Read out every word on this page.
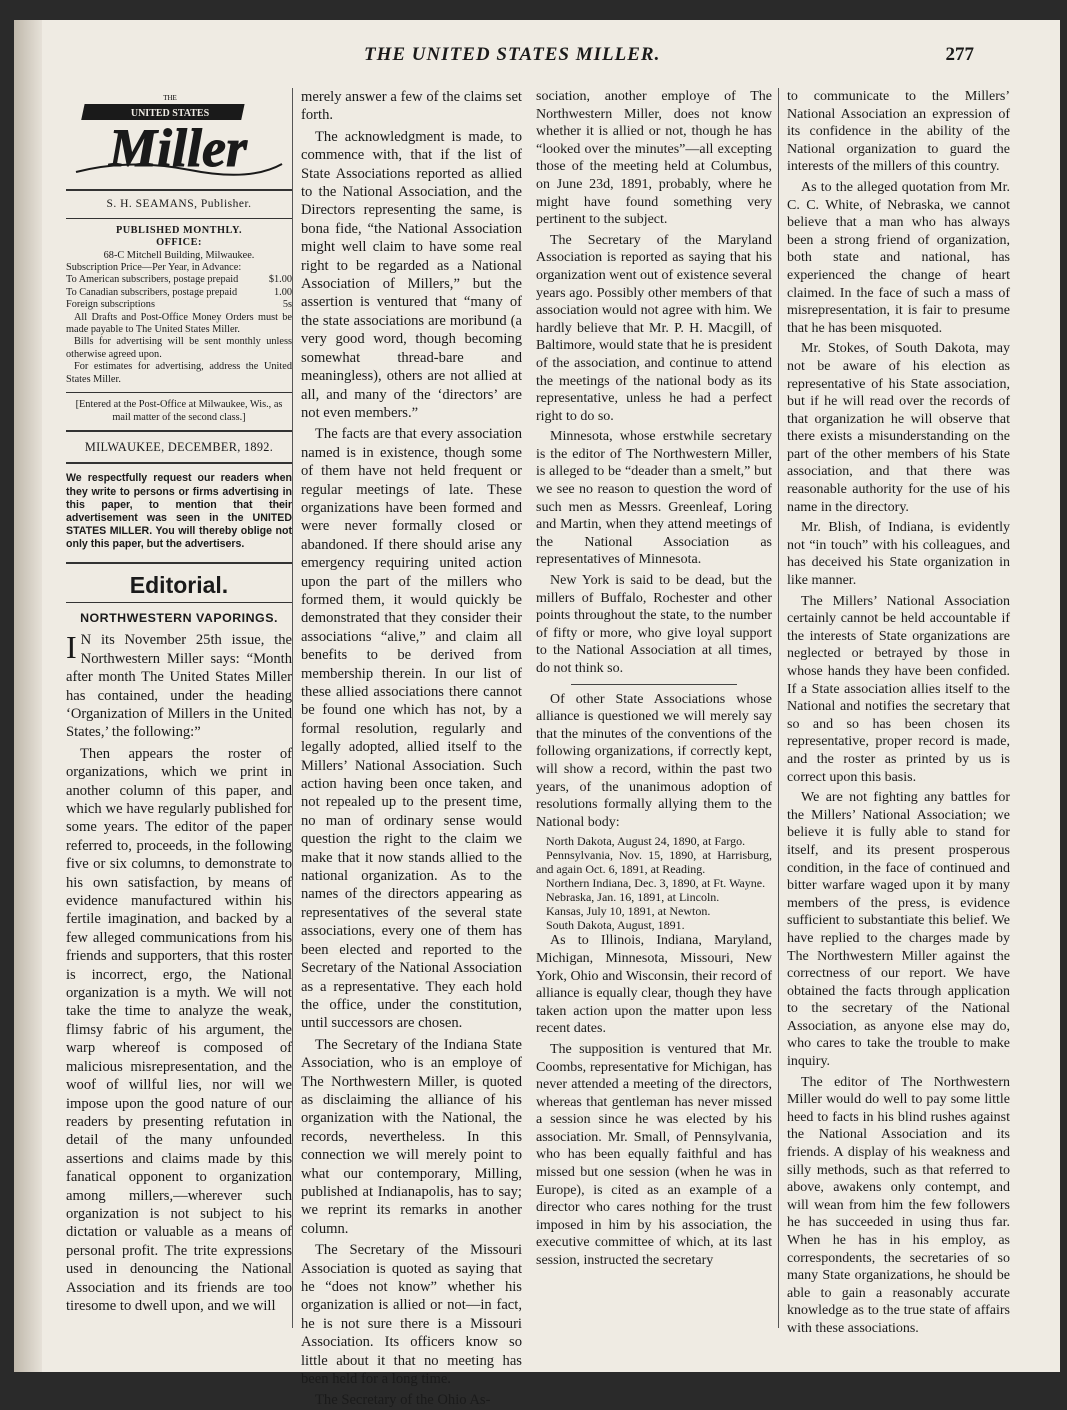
THE UNITED STATES MILLER.	277
THE
UNITED STATES
Miller
S. H. SEAMANS, Publisher.
PUBLISHED MONTHLY.
OFFICE:
68-C Mitchell Building, Milwaukee.
Subscription Price—Per Year, in Advance:
To American subscribers, postage prepaid	$1.00
To Canadian subscribers, postage prepaid	1.00
Foreign subscriptions	5s
All Drafts and Post-Office Money Orders must be made payable to The United States Miller.
Bills for advertising will be sent monthly unless otherwise agreed upon.
For estimates for advertising, address the United States Miller.
[Entered at the Post-Office at Milwaukee, Wis., as mail matter of the second class.]
MILWAUKEE, DECEMBER, 1892.
We respectfully request our readers when they write to persons or firms advertising in this paper, to mention that their advertisement was seen in the UNITED STATES MILLER. You will thereby oblige not only this paper, but the advertisers.
Editorial.
NORTHWESTERN VAPORINGS.

I N its November 25th issue, the Northwestern Miller says: “Month after month The United States Miller has contained, under the heading ‘Organization of Millers in the United States,’ the following:”

Then appears the roster of organizations, which we print in another column of this paper, and which we have regularly published for some years. The editor of the paper referred to, proceeds, in the following five or six columns, to demonstrate to his own satisfaction, by means of evidence manufactured within his fertile imagination, and backed by a few alleged communications from his friends and supporters, that this roster is incorrect, ergo, the National organization is a myth. We will not take the time to analyze the weak, flimsy fabric of his argument, the warp whereof is composed of malicious misrepresentation, and the woof of willful lies, nor will we impose upon the good nature of our readers by presenting refutation in detail of the many unfounded assertions and claims made by this fanatical opponent to organization among millers,—wherever such organization is not subject to his dictation or valuable as a means of personal profit. The trite expressions used in denouncing the National Association and its friends are too tiresome to dwell upon, and we will

merely answer a few of the claims set forth.

The acknowledgment is made, to commence with, that if the list of State Associations reported as allied to the National Association, and the Directors representing the same, is bona fide, “the National Association might well claim to have some real right to be regarded as a National Association of Millers,” but the assertion is ventured that “many of the state associations are moribund (a very good word, though becoming somewhat thread-bare and meaningless), others are not allied at all, and many of the ‘directors’ are not even members.”

The facts are that every association named is in existence, though some of them have not held frequent or regular meetings of late. These organizations have been formed and were never formally closed or abandoned. If there should arise any emergency requiring united action upon the part of the millers who formed them, it would quickly be demonstrated that they consider their associations “alive,” and claim all benefits to be derived from membership therein. In our list of these allied associations there cannot be found one which has not, by a formal resolution, regularly and legally adopted, allied itself to the Millers’ National Association. Such action having been once taken, and not repealed up to the present time, no man of ordinary sense would question the right to the claim we make that it now stands allied to the national organization. As to the names of the directors appearing as representatives of the several state associations, every one of them has been elected and reported to the Secretary of the National Association as a representative. They each hold the office, under the constitution, until successors are chosen.

The Secretary of the Indiana State Association, who is an employe of The Northwestern Miller, is quoted as disclaiming the alliance of his organization with the National, the records, nevertheless. In this connection we will merely point to what our contemporary, Milling, published at Indianapolis, has to say; we reprint its remarks in another column.

The Secretary of the Missouri Association is quoted as saying that he “does not know” whether his organization is allied or not—in fact, he is not sure there is a Missouri Association. Its officers know so little about it that no meeting has been held for a long time.

The Secretary of the Ohio As-

sociation, another employe of The Northwestern Miller, does not know whether it is allied or not, though he has “looked over the minutes”—all excepting those of the meeting held at Columbus, on June 23d, 1891, probably, where he might have found something very pertinent to the subject.

The Secretary of the Maryland Association is reported as saying that his organization went out of existence several years ago. Possibly other members of that association would not agree with him. We hardly believe that Mr. P. H. Macgill, of Baltimore, would state that he is president of the association, and continue to attend the meetings of the national body as its representative, unless he had a perfect right to do so.

Minnesota, whose erstwhile secretary is the editor of The Northwestern Miller, is alleged to be “deader than a smelt,” but we see no reason to question the word of such men as Messrs. Greenleaf, Loring and Martin, when they attend meetings of the National Association as representatives of Minnesota.

New York is said to be dead, but the millers of Buffalo, Rochester and other points throughout the state, to the number of fifty or more, who give loyal support to the National Association at all times, do not think so.

Of other State Associations whose alliance is questioned we will merely say that the minutes of the conventions of the following organizations, if correctly kept, will show a record, within the past two years, of the unanimous adoption of resolutions formally allying them to the National body:

North Dakota, August 24, 1890, at Fargo.

Pennsylvania, Nov. 15, 1890, at Harrisburg, and again Oct. 6, 1891, at Reading.

Northern Indiana, Dec. 3, 1890, at Ft. Wayne.

Nebraska, Jan. 16, 1891, at Lincoln.

Kansas, July 10, 1891, at Newton.

South Dakota, August, 1891.

As to Illinois, Indiana, Maryland, Michigan, Minnesota, Missouri, New York, Ohio and Wisconsin, their record of alliance is equally clear, though they have taken action upon the matter upon less recent dates.

The supposition is ventured that Mr. Coombs, representative for Michigan, has never attended a meeting of the directors, whereas that gentleman has never missed a session since he was elected by his association. Mr. Small, of Pennsylvania, who has been equally faithful and has missed but one session (when he was in Europe), is cited as an example of a director who cares nothing for the trust imposed in him by his association, the executive committee of which, at its last session, instructed the secretary

to communicate to the Millers’ National Association an expression of its confidence in the ability of the National organization to guard the interests of the millers of this country.

As to the alleged quotation from Mr. C. C. White, of Nebraska, we cannot believe that a man who has always been a strong friend of organization, both state and national, has experienced the change of heart claimed. In the face of such a mass of misrepresentation, it is fair to presume that he has been misquoted.

Mr. Stokes, of South Dakota, may not be aware of his election as representative of his State association, but if he will read over the records of that organization he will observe that there exists a misunderstanding on the part of the other members of his State association, and that there was reasonable authority for the use of his name in the directory.

Mr. Blish, of Indiana, is evidently not “in touch” with his colleagues, and has deceived his State organization in like manner.

The Millers’ National Association certainly cannot be held accountable if the interests of State organizations are neglected or betrayed by those in whose hands they have been confided. If a State association allies itself to the National and notifies the secretary that so and so has been chosen its representative, proper record is made, and the roster as printed by us is correct upon this basis.

We are not fighting any battles for the Millers’ National Association; we believe it is fully able to stand for itself, and its present prosperous condition, in the face of continued and bitter warfare waged upon it by many members of the press, is evidence sufficient to substantiate this belief. We have replied to the charges made by The Northwestern Miller against the correctness of our report. We have obtained the facts through application to the secretary of the National Association, as anyone else may do, who cares to take the trouble to make inquiry.

The editor of The Northwestern Miller would do well to pay some little heed to facts in his blind rushes against the National Association and its friends. A display of his weakness and silly methods, such as that referred to above, awakens only contempt, and will wean from him the few followers he has succeeded in using thus far. When he has in his employ, as correspondents, the secretaries of so many State organizations, he should be able to gain a reasonably accurate knowledge as to the true state of affairs with these associations.
